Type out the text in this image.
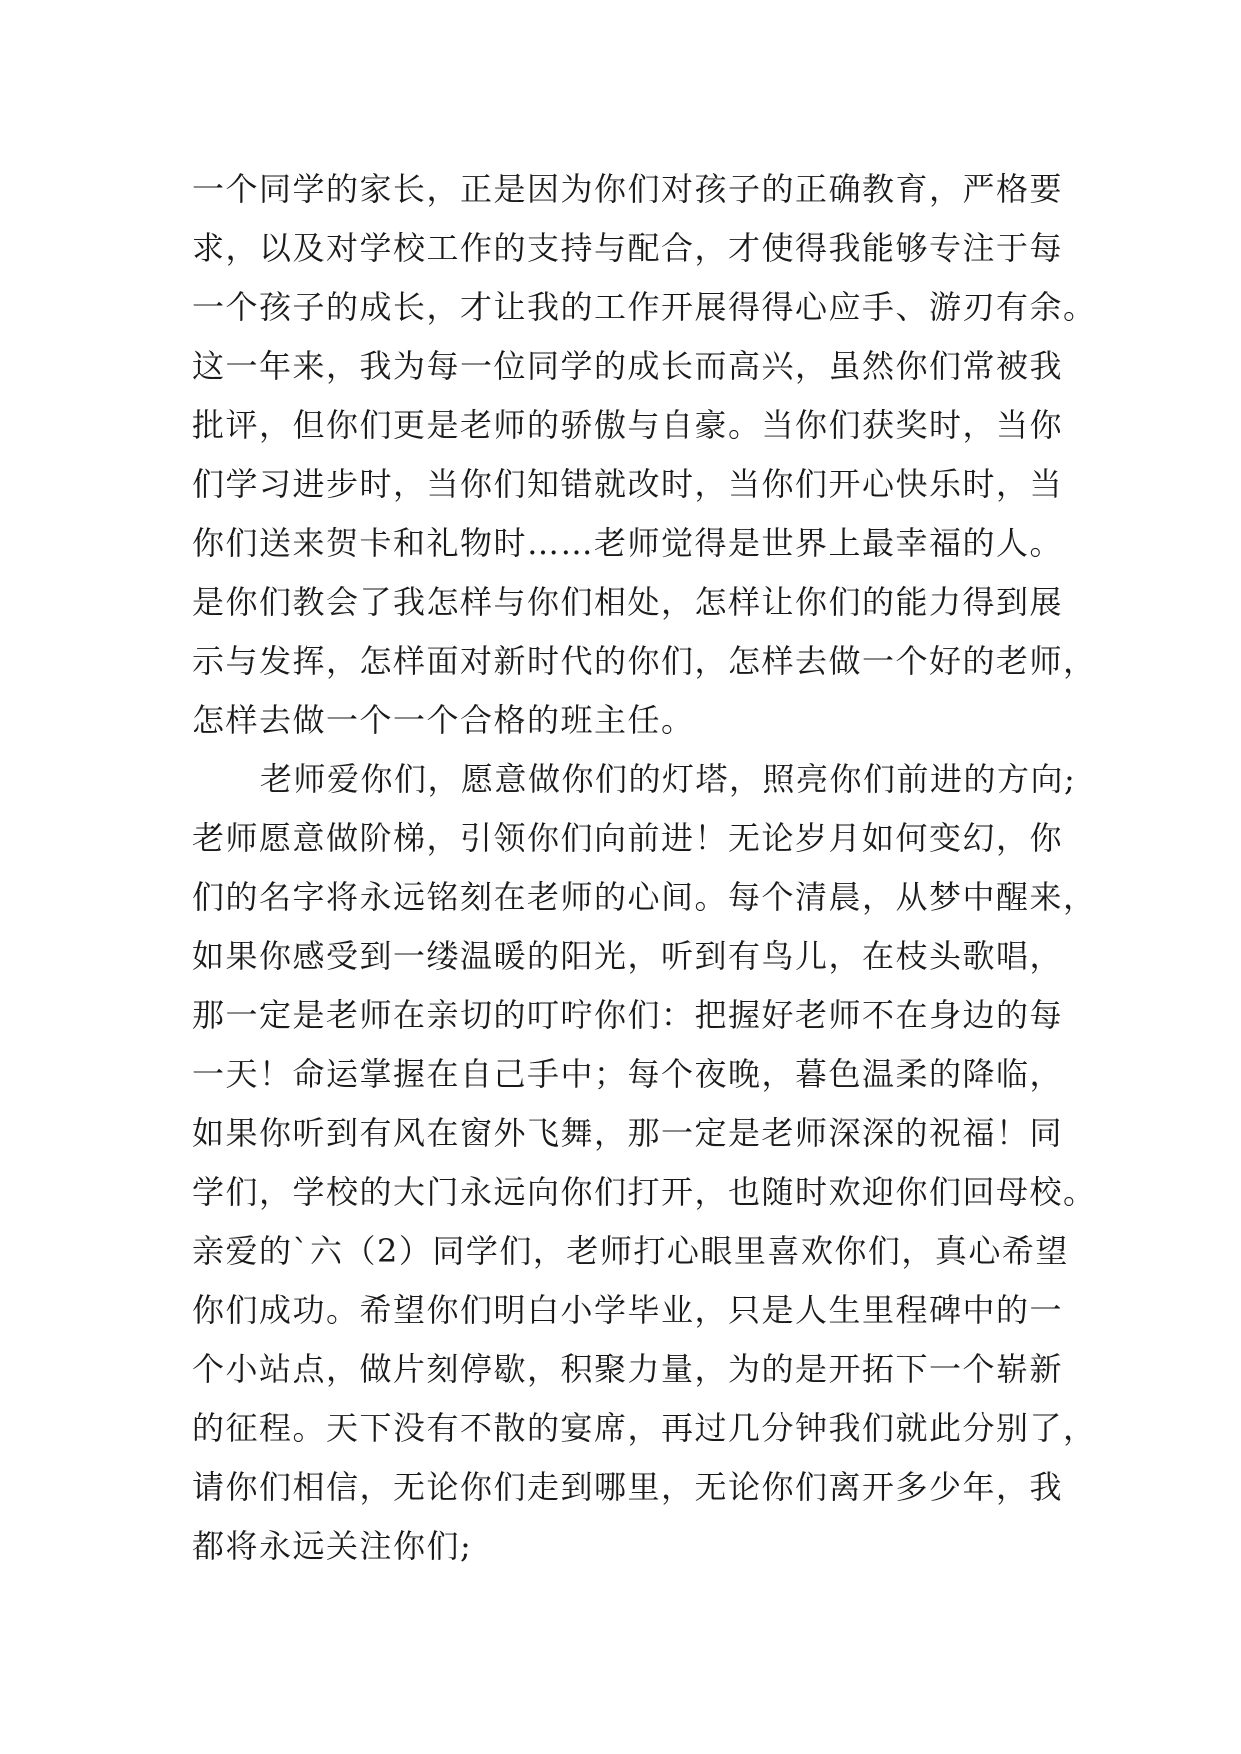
一个同学的家长，正是因为你们对孩子的正确教育，严格要
求，以及对学校工作的支持与配合，才使得我能够专注于每
一个孩子的成长，才让我的工作开展得得心应手、游刃有余。
这一年来，我为每一位同学的成长而高兴，虽然你们常被我
批评，但你们更是老师的骄傲与自豪。当你们获奖时，当你
们学习进步时，当你们知错就改时，当你们开心快乐时，当
你们送来贺卡和礼物时……老师觉得是世界上最幸福的人。
是你们教会了我怎样与你们相处，怎样让你们的能力得到展
示与发挥，怎样面对新时代的你们，怎样去做一个好的老师，
怎样去做一个一个合格的班主任。
老师爱你们，愿意做你们的灯塔，照亮你们前进的方向;
老师愿意做阶梯，引领你们向前进！无论岁月如何变幻，你
们的名字将永远铭刻在老师的心间。每个清晨，从梦中醒来，
如果你感受到一缕温暖的阳光，听到有鸟儿，在枝头歌唱，
那一定是老师在亲切的叮咛你们：把握好老师不在身边的每
一天！命运掌握在自己手中；每个夜晚，暮色温柔的降临，
如果你听到有风在窗外飞舞，那一定是老师深深的祝福！同
学们，学校的大门永远向你们打开，也随时欢迎你们回母校。
亲爱的`六（2）同学们，老师打心眼里喜欢你们，真心希望
你们成功。希望你们明白小学毕业，只是人生里程碑中的一
个小站点，做片刻停歇，积聚力量，为的是开拓下一个崭新
的征程。天下没有不散的宴席，再过几分钟我们就此分别了，
请你们相信，无论你们走到哪里，无论你们离开多少年，我
都将永远关注你们;
